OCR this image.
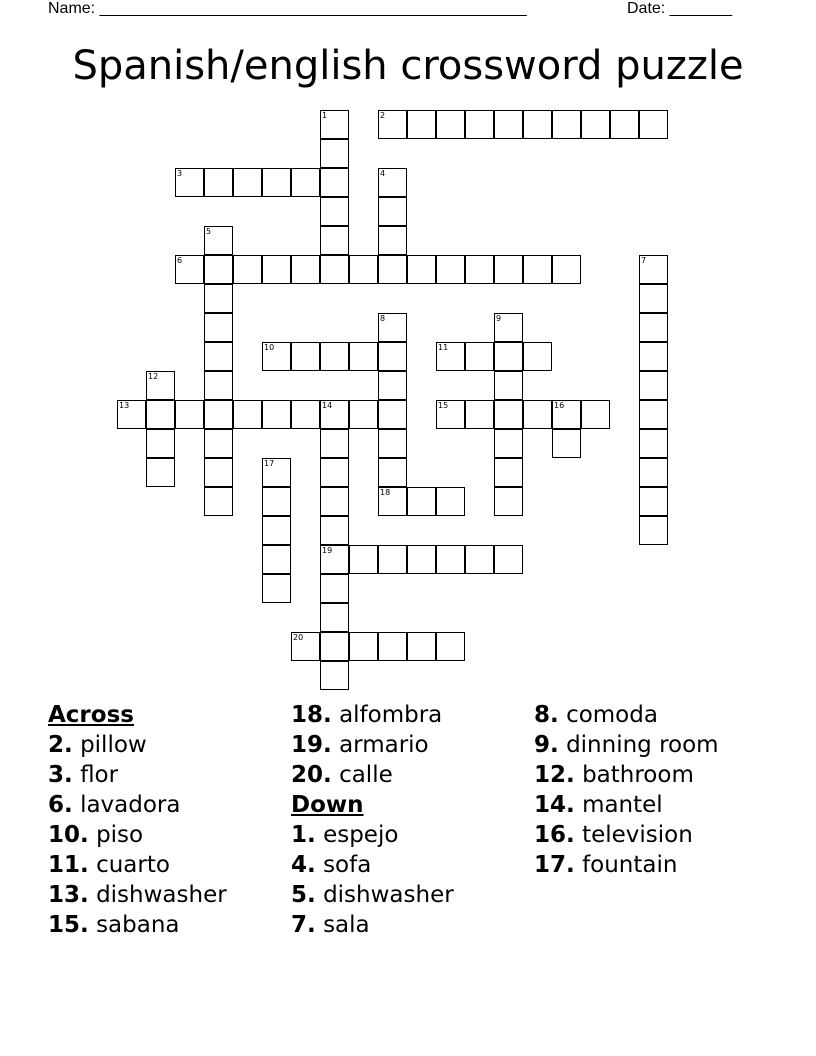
Name: ________________________________________________	Date: _______
Spanish/english crossword puzzle
1	2
3	4
5
6	7
8	9
10	11
12
13	14	15	16
17
18
19
20
Across
2. pillow
3. flor
6. lavadora
10. piso
11. cuarto
13. dishwasher
15. sabana
18. alfombra
19. armario
20. calle
Down
1. espejo
4. sofa
5. dishwasher
7. sala
8. comoda
9. dinning room
12. bathroom
14. mantel
16. television
17. fountain
